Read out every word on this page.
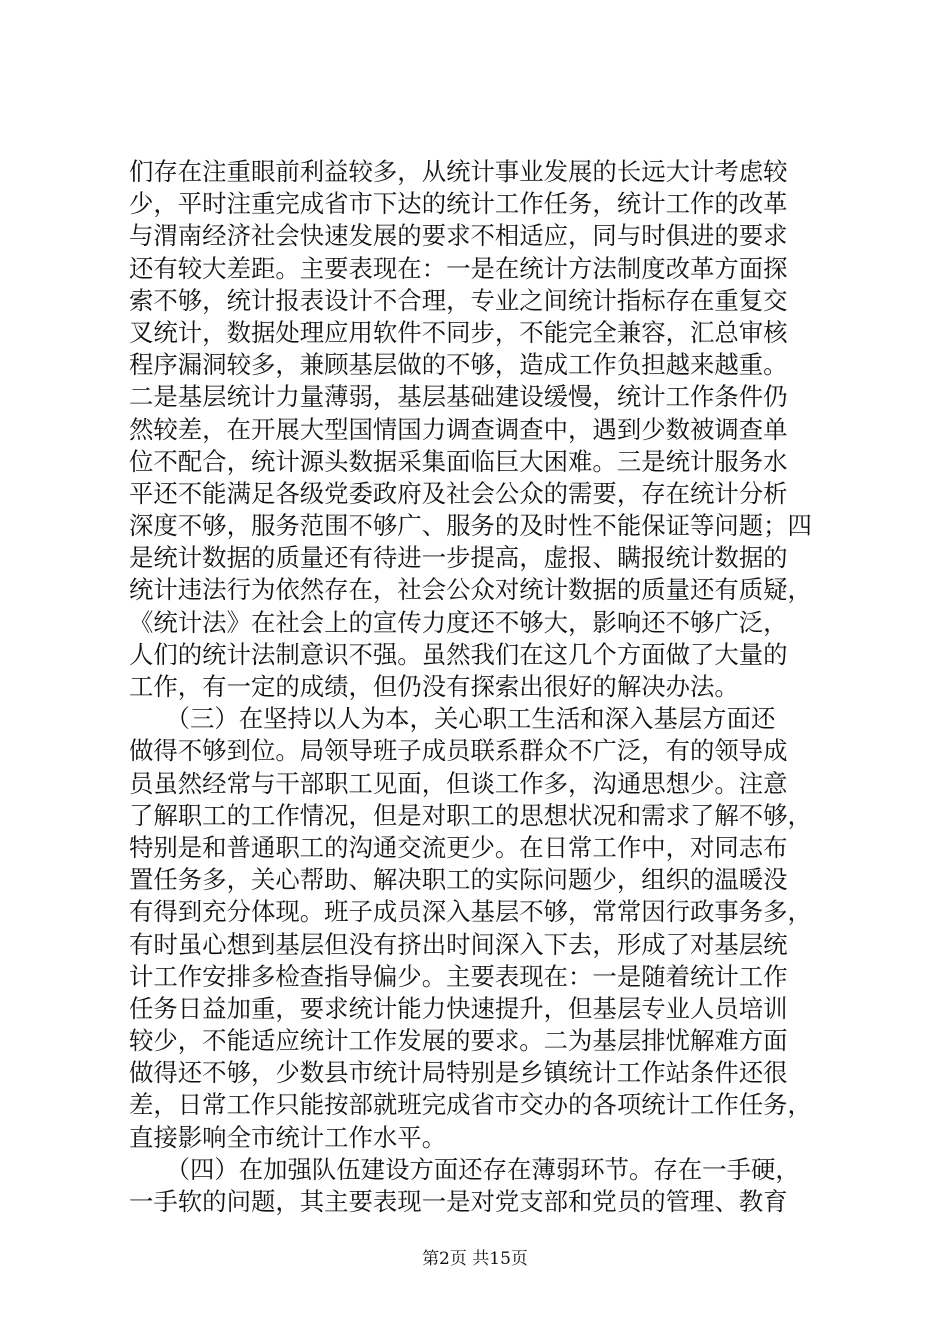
们存在注重眼前利益较多，从统计事业发展的长远大计考虑较
少，平时注重完成省市下达的统计工作任务，统计工作的改革
与渭南经济社会快速发展的要求不相适应，同与时俱进的要求
还有较大差距。主要表现在：一是在统计方法制度改革方面探
索不够，统计报表设计不合理，专业之间统计指标存在重复交
叉统计，数据处理应用软件不同步，不能完全兼容，汇总审核
程序漏洞较多，兼顾基层做的不够，造成工作负担越来越重。
二是基层统计力量薄弱，基层基础建设缓慢，统计工作条件仍
然较差，在开展大型国情国力调查调查中，遇到少数被调查单
位不配合，统计源头数据采集面临巨大困难。三是统计服务水
平还不能满足各级党委政府及社会公众的需要，存在统计分析
深度不够，服务范围不够广、服务的及时性不能保证等问题；四
是统计数据的质量还有待进一步提高，虚报、瞒报统计数据的
统计违法行为依然存在，社会公众对统计数据的质量还有质疑，
《统计法》在社会上的宣传力度还不够大，影响还不够广泛，
人们的统计法制意识不强。虽然我们在这几个方面做了大量的
工作，有一定的成绩，但仍没有探索出很好的解决办法。
　　（三）在坚持以人为本，关心职工生活和深入基层方面还
做得不够到位。局领导班子成员联系群众不广泛，有的领导成
员虽然经常与干部职工见面，但谈工作多，沟通思想少。注意
了解职工的工作情况，但是对职工的思想状况和需求了解不够，
特别是和普通职工的沟通交流更少。在日常工作中，对同志布
置任务多，关心帮助、解决职工的实际问题少，组织的温暖没
有得到充分体现。班子成员深入基层不够，常常因行政事务多，
有时虽心想到基层但没有挤出时间深入下去，形成了对基层统
计工作安排多检查指导偏少。主要表现在：一是随着统计工作
任务日益加重，要求统计能力快速提升，但基层专业人员培训
较少，不能适应统计工作发展的要求。二为基层排忧解难方面
做得还不够，少数县市统计局特别是乡镇统计工作站条件还很
差，日常工作只能按部就班完成省市交办的各项统计工作任务，
直接影响全市统计工作水平。
　　（四）在加强队伍建设方面还存在薄弱环节。存在一手硬，
一手软的问题，其主要表现一是对党支部和党员的管理、教育
第2页 共15页
